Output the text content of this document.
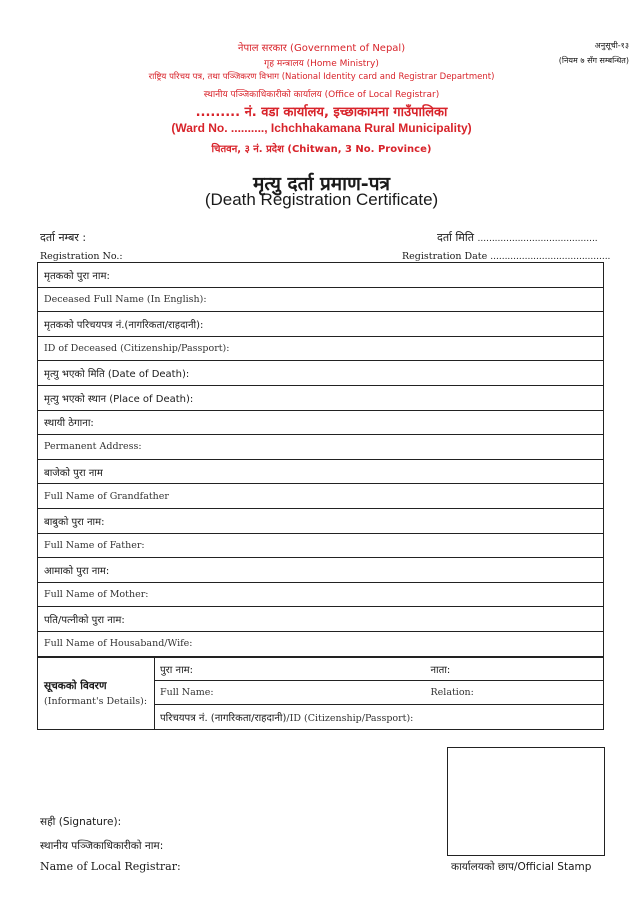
नेपाल सरकार (Government of Nepal)
गृह मन्त्रालय (Home Ministry)
राष्ट्रिय परिचय पत्र, तथा पञ्जिकरण विभाग (National Identity card and Registrar Department)
स्थानीय पञ्जिकाधिकारीको कार्यालय (Office of Local Registrar)
......... नं. वडा कार्यालय, इच्छाकामना गाउँपालिका
(Ward No. .........., Ichchhakamana Rural Municipality)
चितवन, ३ नं. प्रदेश (Chitwan, 3 No. Province)
अनुसूची-१३
(नियम ७ सँग सम्बन्धित)
मृत्यु दर्ता प्रमाण-पत्र
(Death Registration Certificate)
दर्ता नम्बर :
Registration No.:
दर्ता मिति ..........................................
Registration Date ..........................................
मृतकको पुरा नाम:
Deceased Full Name (In English):
मृतकको परिचयपत्र नं.(नागरिकता/राहदानी):
ID of Deceased (Citizenship/Passport):
मृत्यु भएको मिति (Date of Death):
मृत्यु भएको स्थान (Place of Death):
स्थायी ठेगाना:
Permanent Address:
बाजेको पुरा नाम
Full Name of Grandfather
बाबुको पुरा नाम:
Full Name of Father:
आमाको पुरा नाम:
Full Name of Mother:
पति/पत्नीको पुरा नाम:
Full Name of Housaband/Wife:
सूचकको विवरण
(Informant's Details):
	पुरा नाम:	नाता:

Full Name:	Relation:

परिचयपत्र नं. (नागरिकता/राहदानी)/ID (Citizenship/Passport):
सही (Signature):
स्थानीय पञ्जिकाधिकारीको नाम:
Name of Local Registrar:	कार्यालयको छाप/Official Stamp
